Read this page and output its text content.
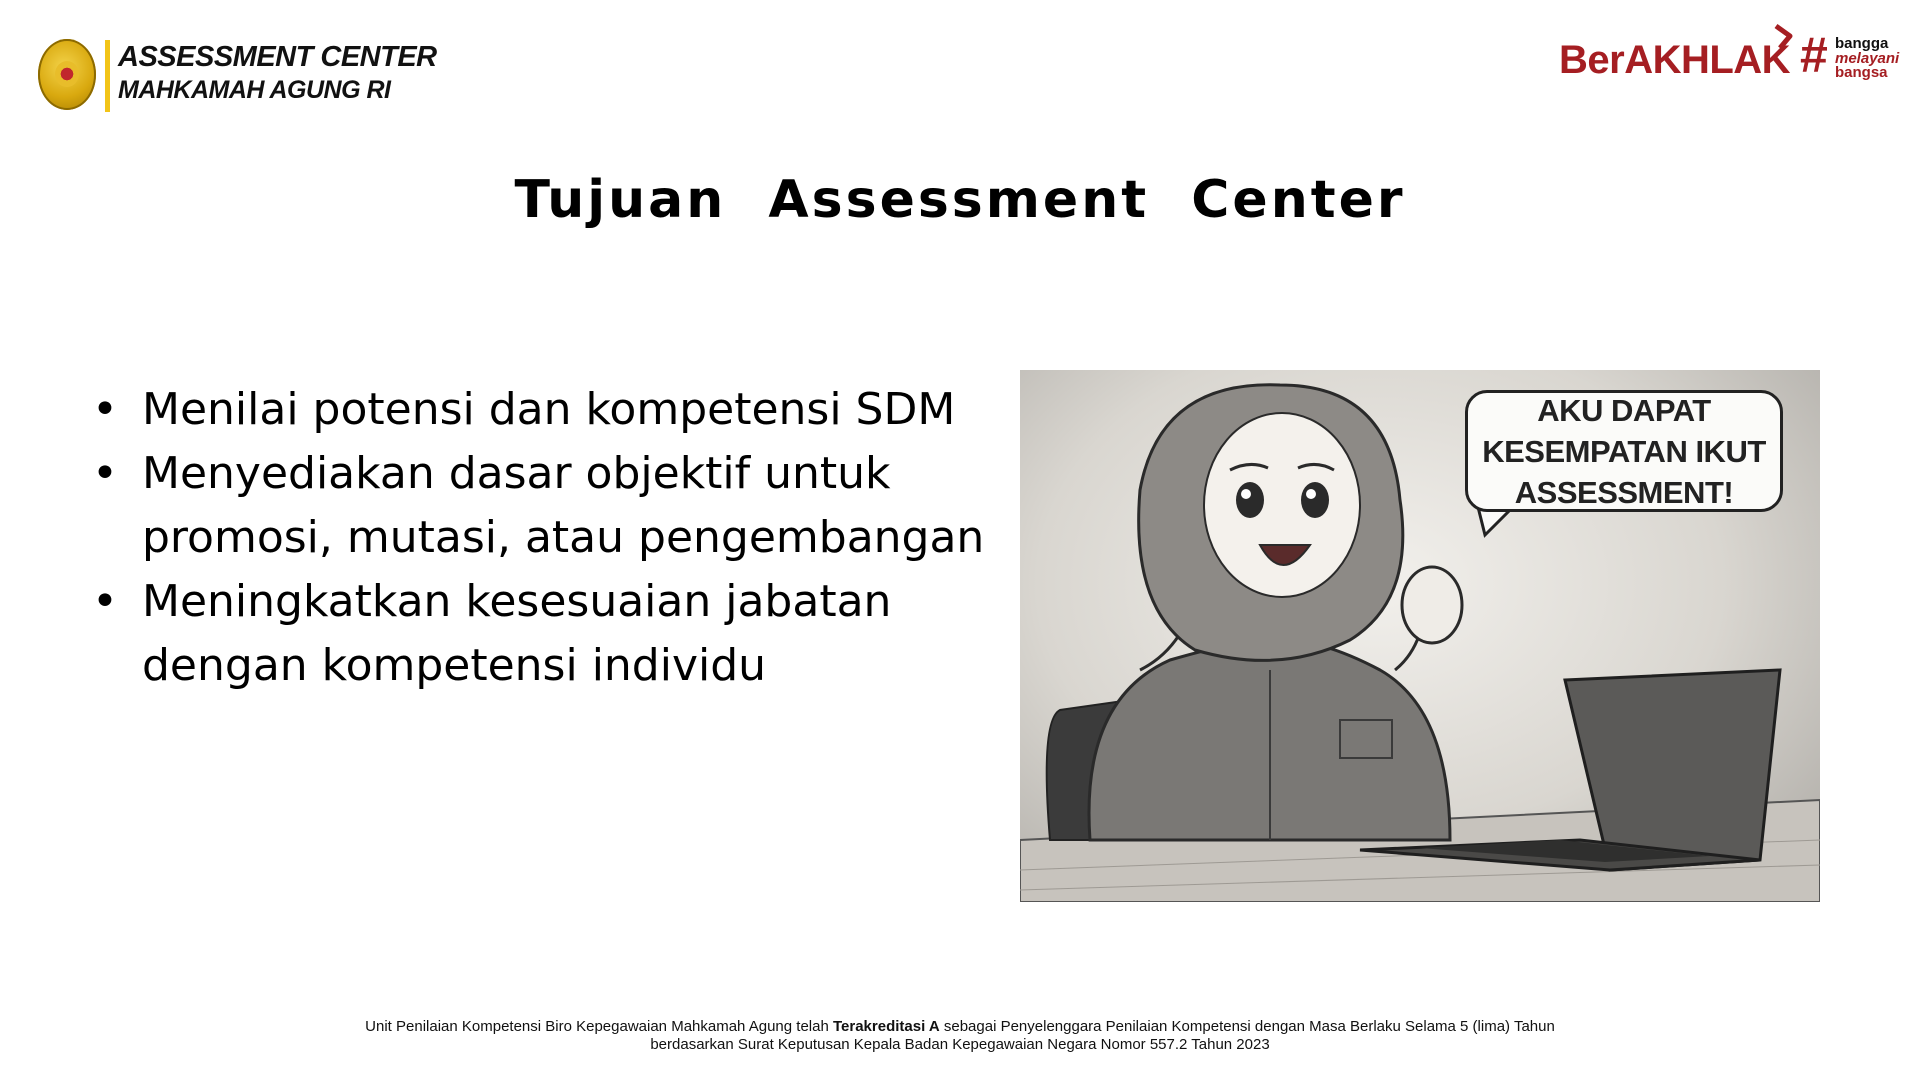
ASSESSMENT CENTER
MAHKAMAH AGUNG RI
BerAKHLAK # bangga
melayani
bangsa
Tujuan  Assessment  Center
• Menilai potensi dan kompetensi SDM
• Menyediakan dasar objektif untuk promosi, mutasi, atau pengembangan
• Meningkatkan kesesuaian jabatan dengan kompetensi individu
AKU DAPAT
KESEMPATAN IKUT
ASSESSMENT!
Unit Penilaian Kompetensi Biro Kepegawaian Mahkamah Agung telah Terakreditasi A sebagai Penyelenggara Penilaian Kompetensi dengan Masa Berlaku Selama 5 (lima) Tahun
berdasarkan Surat Keputusan Kepala Badan Kepegawaian Negara Nomor 557.2 Tahun 2023
